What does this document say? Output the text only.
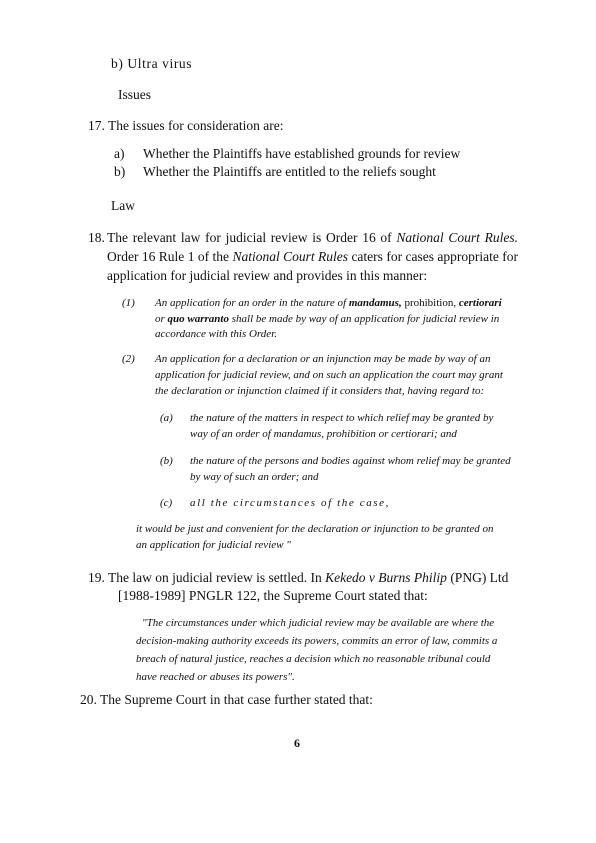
b) Ultra virus
Issues
17. The issues for consideration are:
a) Whether the Plaintiffs have established grounds for review
b) Whether the Plaintiffs are entitled to the reliefs sought
Law
18. The relevant law for judicial review is Order 16 of National Court Rules. Order 16 Rule 1 of the National Court Rules caters for cases appropriate for application for judicial review and provides in this manner:
(1) An application for an order in the nature of mandamus, prohibition, certiorari
or quo warranto shall be made by way of an application for judicial review in
accordance with this Order.
(2) An application for a declaration or an injunction may be made by way of an
application for judicial review, and on such an application the court may grant
the declaration or injunction claimed if it considers that, having regard to:
(a) the nature of the matters in respect to which relief may be granted by
way of an order of mandamus, prohibition or certiorari; and
(b) the nature of the persons and bodies against whom relief may be granted
by way of such an order; and
(c) all the circumstances of the case,
it would be just and convenient for the declaration or injunction to be granted on
an application for judicial review "
19. The law on judicial review is settled. In Kekedo v Burns Philip (PNG) Ltd
[1988-1989] PNGLR 122, the Supreme Court stated that:
"The circumstances under which judicial review may be available are where the
decision-making authority exceeds its powers, commits an error of law, commits a
breach of natural justice, reaches a decision which no reasonable tribunal could
have reached or abuses its powers".
20. The Supreme Court in that case further stated that:
6
